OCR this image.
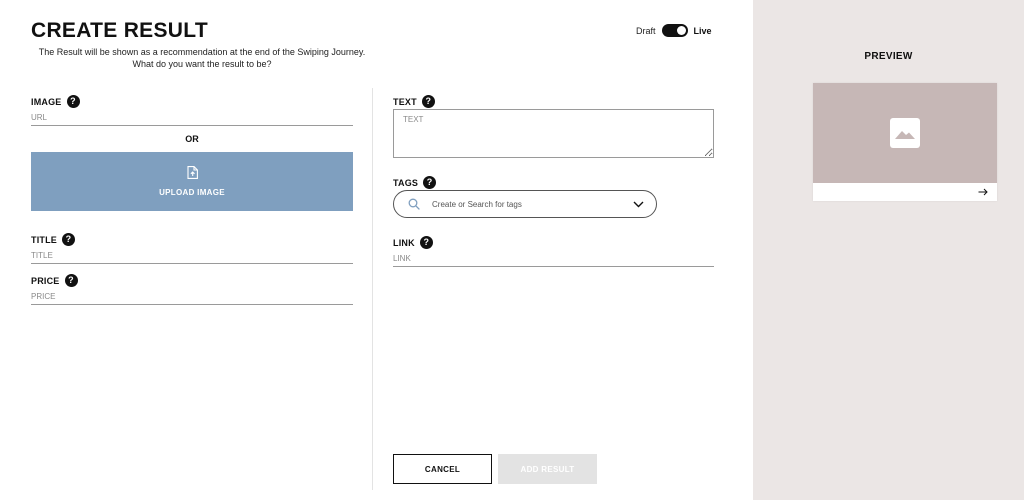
CREATE RESULT
The Result will be shown as a recommendation at the end of the Swiping Journey.
What do you want the result to be?
Draft	Live
IMAGE ?
URL
OR
UPLOAD IMAGE
TITLE ?
TITLE
PRICE ?
PRICE
TEXT ?
TEXT
TAGS ?
Create or Search for tags
LINK ?
LINK
CANCEL	ADD RESULT
PREVIEW
